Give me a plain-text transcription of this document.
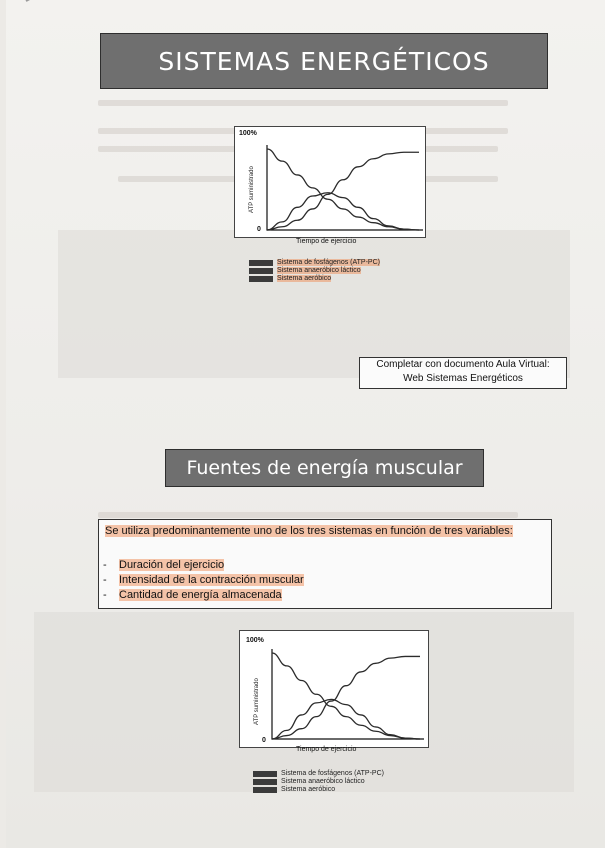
SISTEMAS ENERGÉTICOS
100%
0
ATP suministrado
Tiempo de ejercicio
Sistema de fosfágenos (ATP-PC)
Sistema anaeróbico láctico
Sistema aeróbico
Completar con documento Aula Virtual:
Web Sistemas Energéticos
Fuentes de energía muscular
Se utiliza predominantemente uno de los tres sistemas en función de tres variables:
- Duración del ejercicio
- Intensidad de la contracción muscular
- Cantidad de energía almacenada
100%
0
ATP suministrado
Tiempo de ejercicio
Sistema de fosfágenos (ATP-PC)
Sistema anaeróbico láctico
Sistema aeróbico
